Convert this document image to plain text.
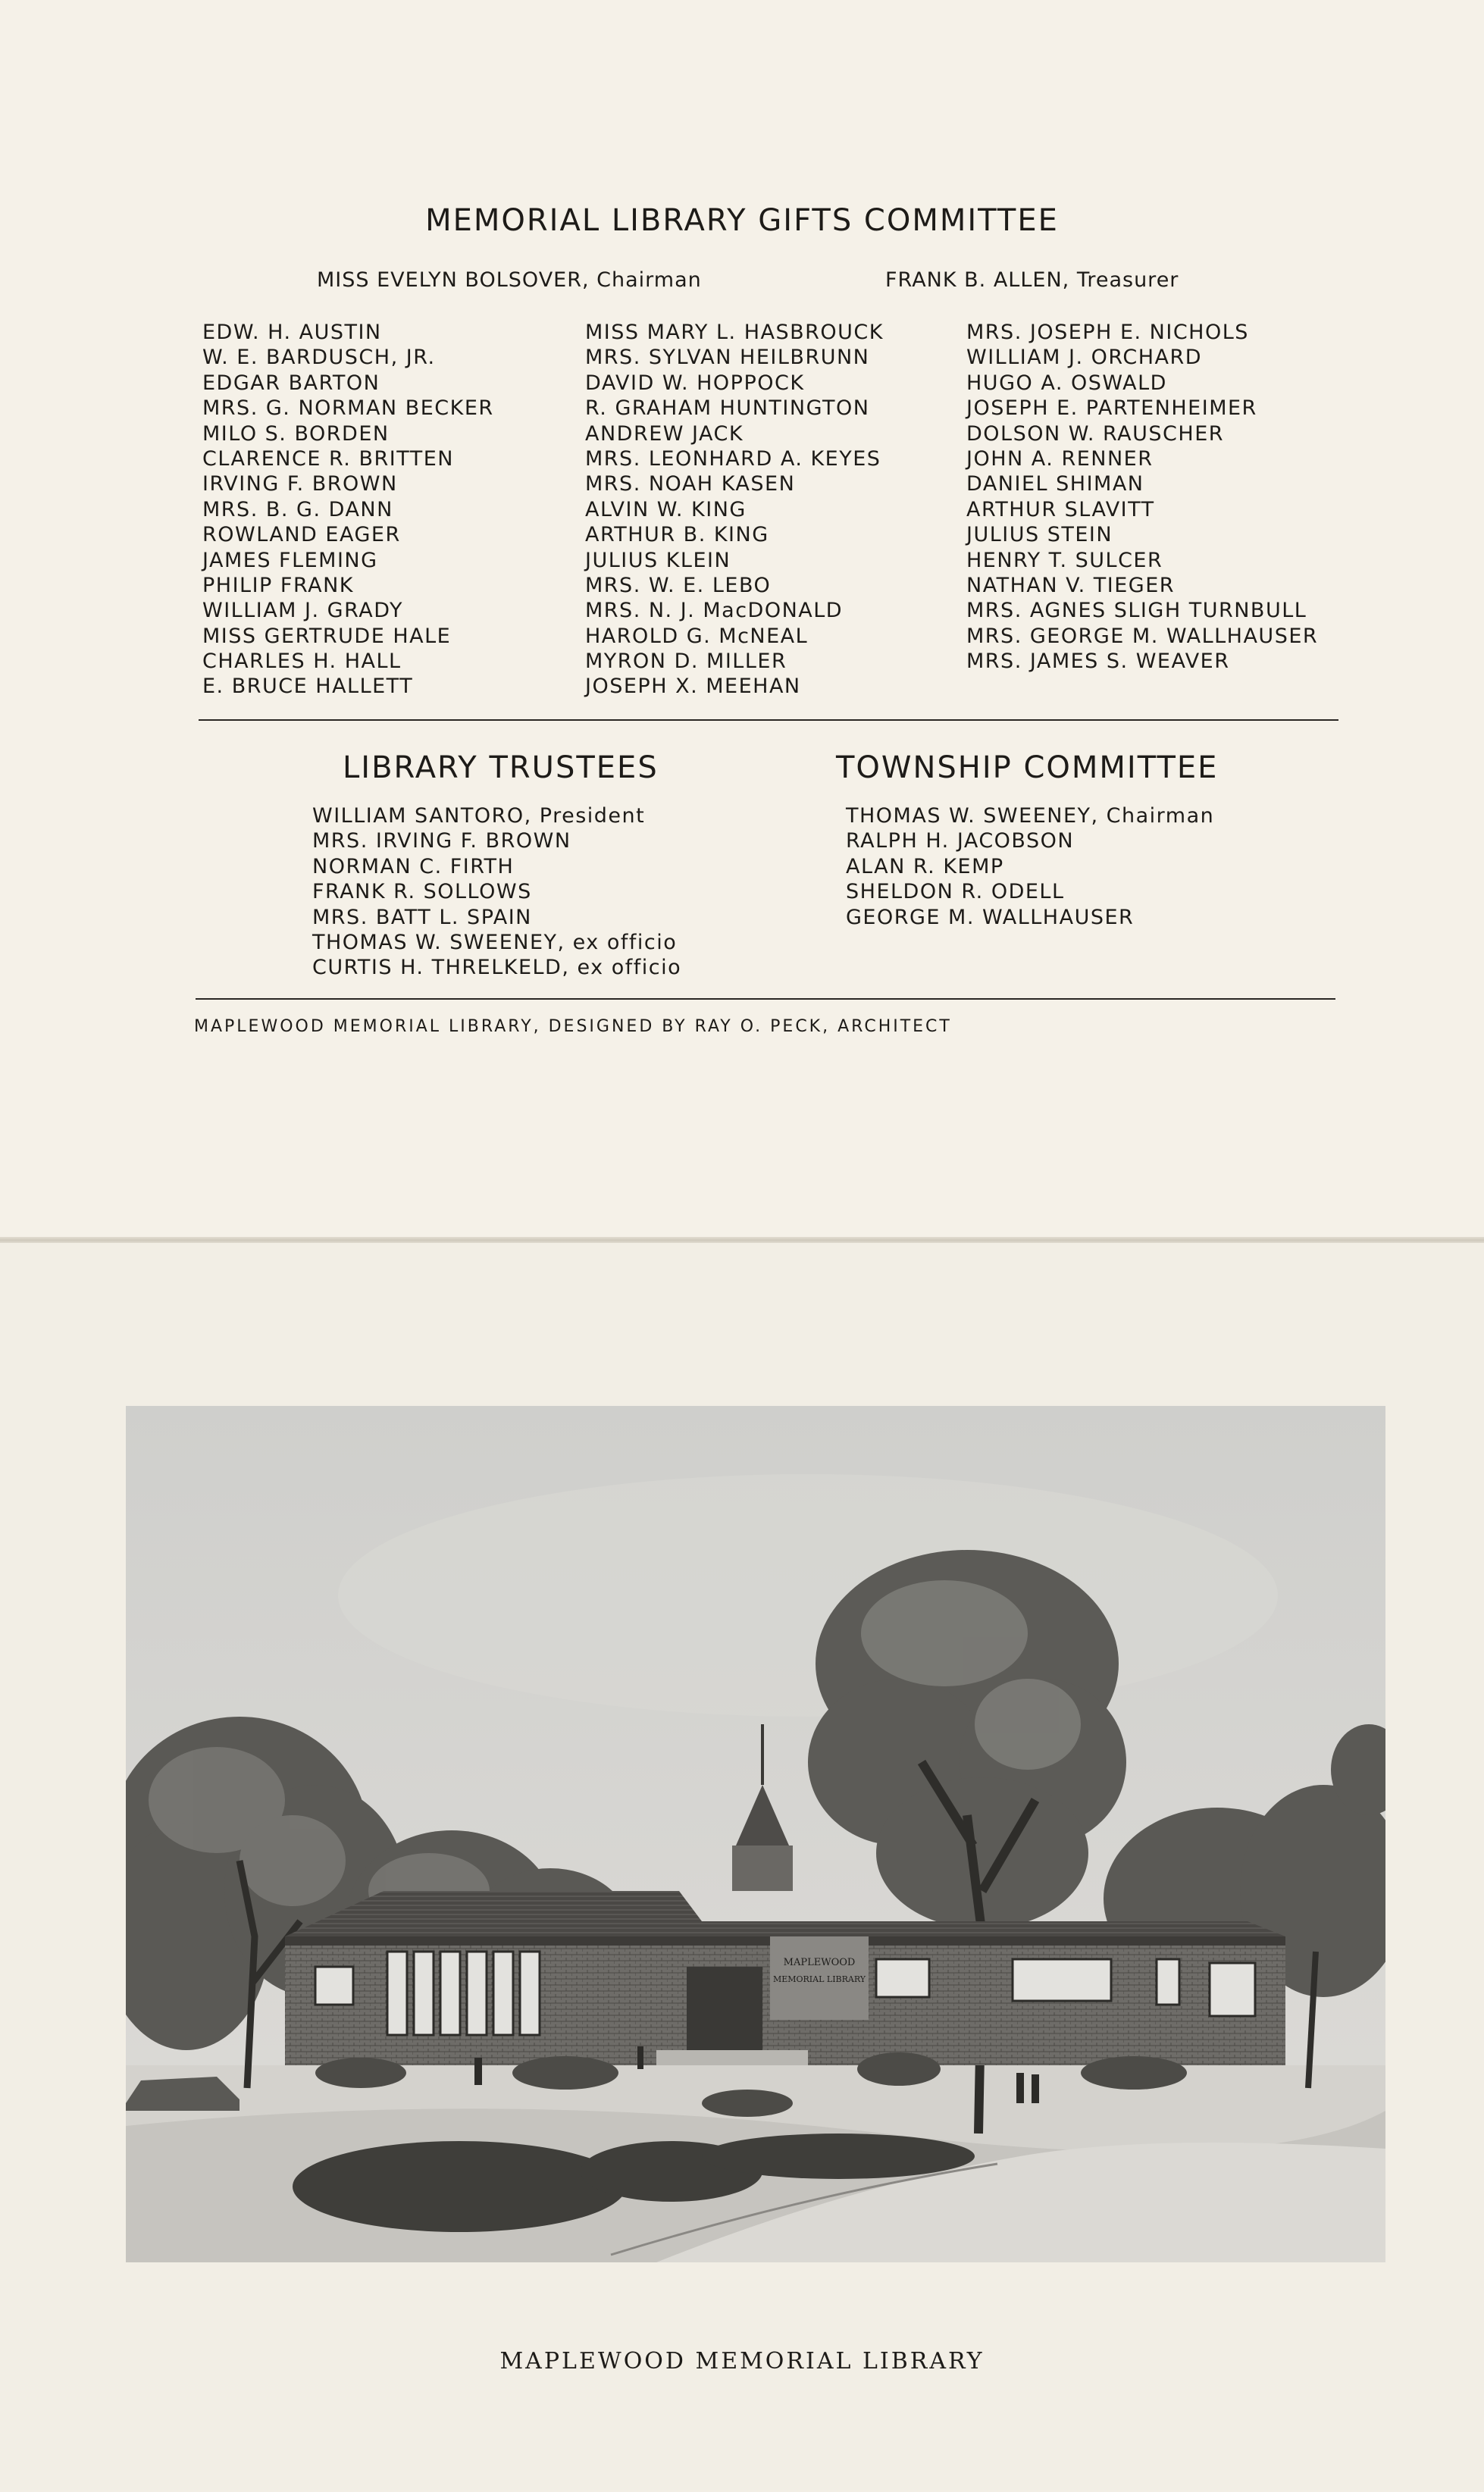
MEMORIAL LIBRARY GIFTS COMMITTEE
MISS EVELYN BOLSOVER, Chairman	FRANK B. ALLEN, Treasurer
EDW. H. AUSTIN
W. E. BARDUSCH, JR.
EDGAR BARTON
MRS. G. NORMAN BECKER
MILO S. BORDEN
CLARENCE R. BRITTEN
IRVING F. BROWN
MRS. B. G. DANN
ROWLAND EAGER
JAMES FLEMING
PHILIP FRANK
WILLIAM J. GRADY
MISS GERTRUDE HALE
CHARLES H. HALL
E. BRUCE HALLETT
MISS MARY L. HASBROUCK
MRS. SYLVAN HEILBRUNN
DAVID W. HOPPOCK
R. GRAHAM HUNTINGTON
ANDREW JACK
MRS. LEONHARD A. KEYES
MRS. NOAH KASEN
ALVIN W. KING
ARTHUR B. KING
JULIUS KLEIN
MRS. W. E. LEBO
MRS. N. J. MacDONALD
HAROLD G. McNEAL
MYRON D. MILLER
JOSEPH X. MEEHAN
MRS. JOSEPH E. NICHOLS
WILLIAM J. ORCHARD
HUGO A. OSWALD
JOSEPH E. PARTENHEIMER
DOLSON W. RAUSCHER
JOHN A. RENNER
DANIEL SHIMAN
ARTHUR SLAVITT
JULIUS STEIN
HENRY T. SULCER
NATHAN V. TIEGER
MRS. AGNES SLIGH TURNBULL
MRS. GEORGE M. WALLHAUSER
MRS. JAMES S. WEAVER
LIBRARY TRUSTEES
WILLIAM SANTORO, President
MRS. IRVING F. BROWN
NORMAN C. FIRTH
FRANK R. SOLLOWS
MRS. BATT L. SPAIN
THOMAS W. SWEENEY, ex officio
CURTIS H. THRELKELD, ex officio
TOWNSHIP COMMITTEE
THOMAS W. SWEENEY, Chairman
RALPH H. JACOBSON
ALAN R. KEMP
SHELDON R. ODELL
GEORGE M. WALLHAUSER
MAPLEWOOD MEMORIAL LIBRARY, DESIGNED BY RAY O. PECK, ARCHITECT
MAPLEWOOD
MEMORIAL LIBRARY
MAPLEWOOD MEMORIAL LIBRARY
